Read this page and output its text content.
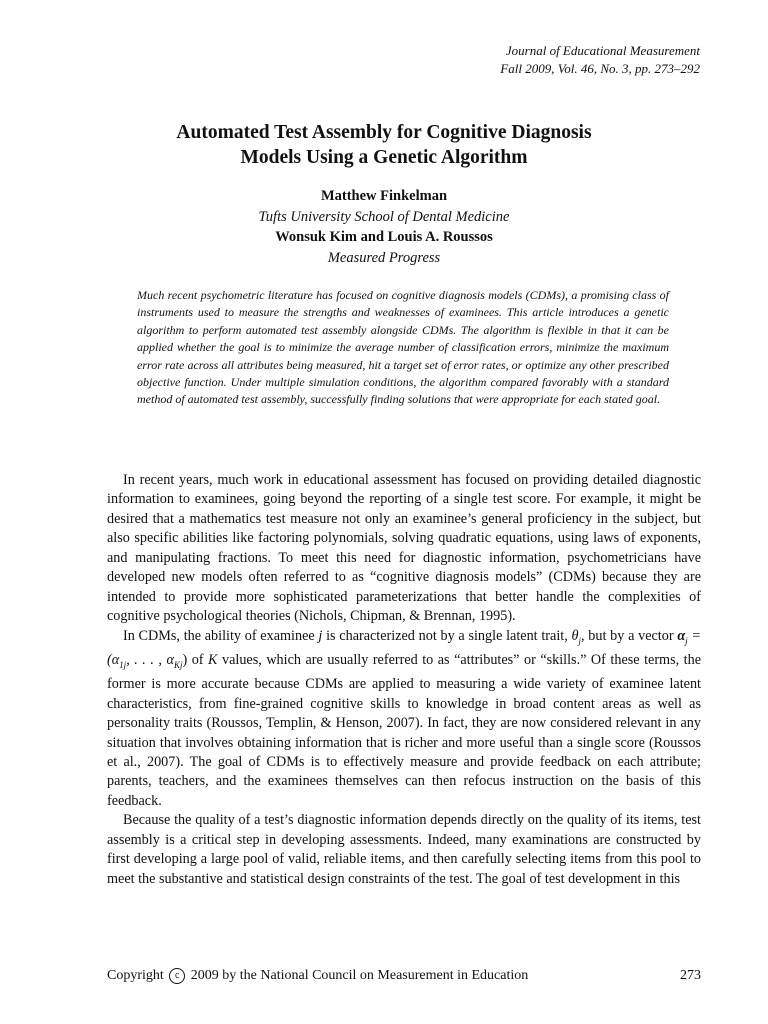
Journal of Educational Measurement
Fall 2009, Vol. 46, No. 3, pp. 273–292
Automated Test Assembly for Cognitive Diagnosis
Models Using a Genetic Algorithm
Matthew Finkelman
Tufts University School of Dental Medicine
Wonsuk Kim and Louis A. Roussos
Measured Progress

Much recent psychometric literature has focused on cognitive diagnosis models (CDMs), a promising class of instruments used to measure the strengths and weaknesses of examinees. This article introduces a genetic algorithm to perform automated test assembly alongside CDMs. The algorithm is flexible in that it can be applied whether the goal is to minimize the average number of classification errors, minimize the maximum error rate across all attributes being measured, hit a target set of error rates, or optimize any other prescribed objective function. Under multiple simulation conditions, the algorithm compared favorably with a standard method of automated test assembly, successfully finding solutions that were appropriate for each stated goal.

In recent years, much work in educational assessment has focused on providing detailed diagnostic information to examinees, going beyond the reporting of a single test score. For example, it might be desired that a mathematics test measure not only an examinee’s general proficiency in the subject, but also specific abilities like factoring polynomials, solving quadratic equations, using laws of exponents, and manipulating fractions. To meet this need for diagnostic information, psychometricians have developed new models often referred to as “cognitive diagnosis models” (CDMs) because they are intended to provide more sophisticated parameterizations that better handle the complexities of cognitive psychological theories (Nichols, Chipman, & Brennan, 1995).

In CDMs, the ability of examinee j is characterized not by a single latent trait, $\theta_j$, but by a vector $\alpha_j = (\alpha_{1j}$, . . . , $\alpha_{Kj}$) of K values, which are usually referred to as “attributes” or “skills.” Of these terms, the former is more accurate because CDMs are applied to measuring a wide variety of examinee latent characteristics, from fine-grained cognitive skills to knowledge in broad content areas as well as personality traits (Roussos, Templin, & Henson, 2007). In fact, they are now considered relevant in any situation that involves obtaining information that is richer and more useful than a single score (Roussos et al., 2007). The goal of CDMs is to effectively measure and provide feedback on each attribute; parents, teachers, and the examinees themselves can then refocus instruction on the basis of this feedback.

Because the quality of a test’s diagnostic information depends directly on the quality of its items, test assembly is a critical step in developing assessments. Indeed, many examinations are constructed by first developing a large pool of valid, reliable items, and then carefully selecting items from this pool to meet the substantive and statistical design constraints of the test. The goal of test development in this

Copyright c 2009 by the National Council on Measurement in Education	273
